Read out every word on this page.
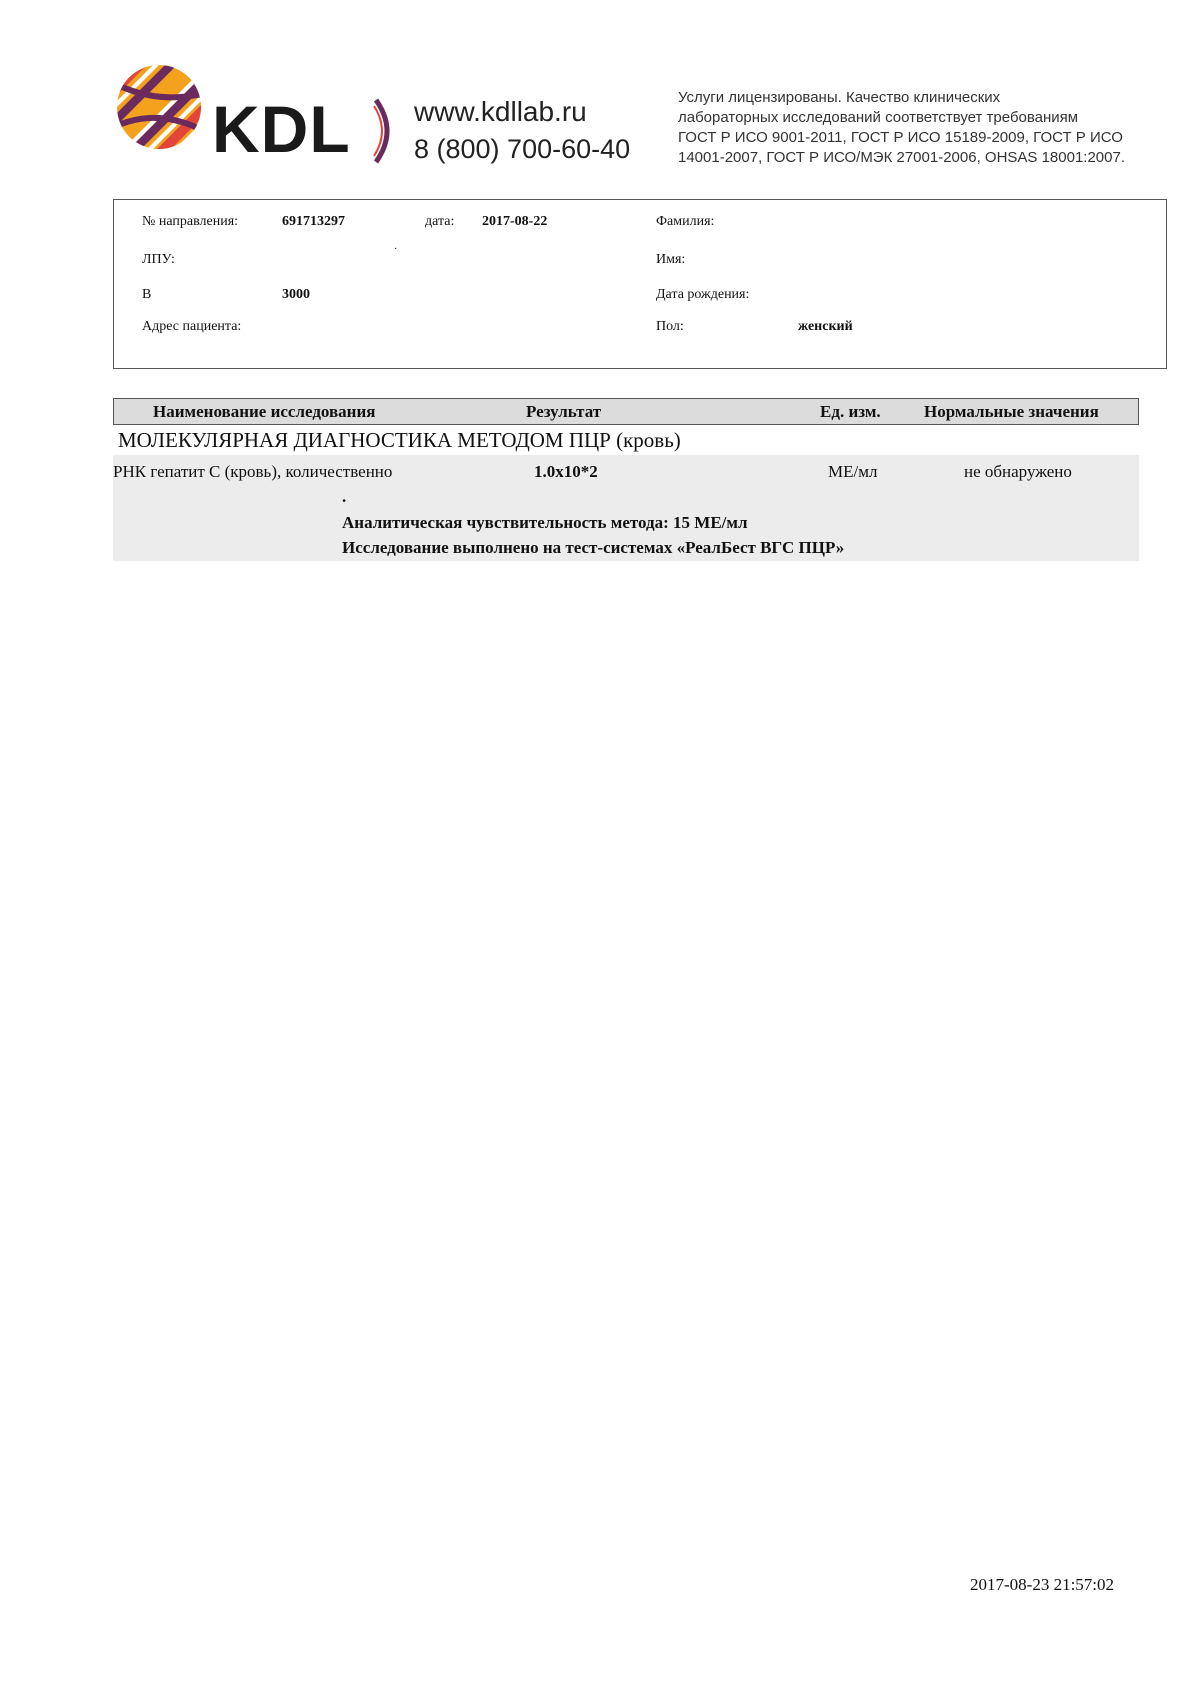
KDL www.kdllab.ru
8 (800) 700-60-40
Услуги лицензированы. Качество клинических
лабораторных исследований соответствует требованиям
ГОСТ Р ИСО 9001-2011, ГОСТ Р ИСО 15189-2009, ГОСТ Р ИСО
14001-2007, ГОСТ Р ИСО/МЭК 27001-2006, OHSAS 18001:2007.
№ направления:	691713297	дата: 2017-08-22	Фамилия:
ЛПУ:
·
Имя:
В	3000	Дата рождения:
Адрес пациента:	Пол:	женский
Наименование исследования	Результат	Ед. изм.	Нормальные значения
МОЛЕКУЛЯРНАЯ ДИАГНОСТИКА МЕТОДОМ ПЦР (кровь)
РНК гепатит С (кровь), количественно	1.0x10*2	МЕ/мл	не обнаружено
.
Аналитическая чувствительность метода: 15 МЕ/мл
Исследование выполнено на тест-системах «РеалБест ВГС ПЦР»
2017-08-23 21:57:02
